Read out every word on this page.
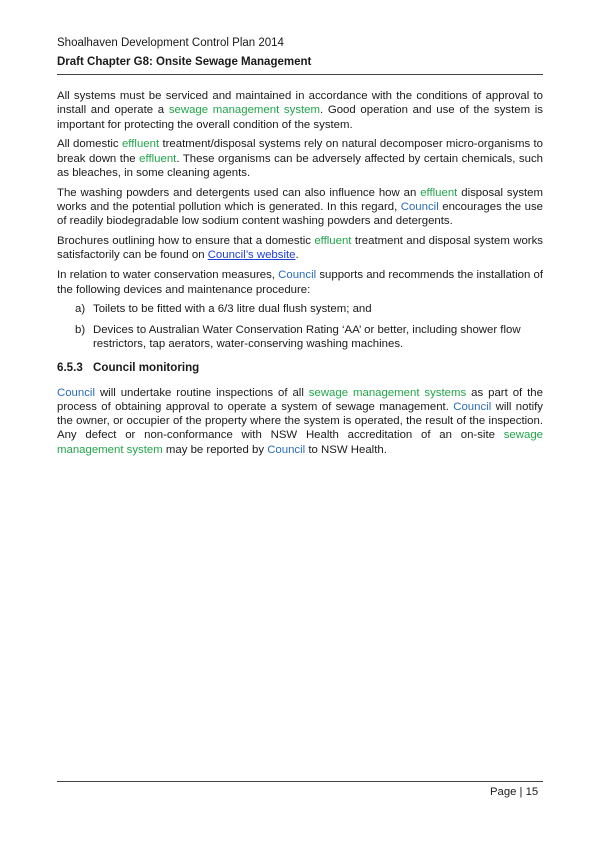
Shoalhaven Development Control Plan 2014
Draft Chapter G8: Onsite Sewage Management

All systems must be serviced and maintained in accordance with the conditions of approval to install and operate a sewage management system. Good operation and use of the system is important for protecting the overall condition of the system.

All domestic effluent treatment/disposal systems rely on natural decomposer micro-organisms to break down the effluent. These organisms can be adversely affected by certain chemicals, such as bleaches, in some cleaning agents.

The washing powders and detergents used can also influence how an effluent disposal system works and the potential pollution which is generated. In this regard, Council encourages the use of readily biodegradable low sodium content washing powders and detergents.

Brochures outlining how to ensure that a domestic effluent treatment and disposal system works satisfactorily can be found on Council’s website.

In relation to water conservation measures, Council supports and recommends the installation of the following devices and maintenance procedure:

a) Toilets to be fitted with a 6/3 litre dual flush system; and
b) Devices to Australian Water Conservation Rating ‘AA’ or better, including shower flow restrictors, tap aerators, water-conserving washing machines.
6.5.3 Council monitoring

Council will undertake routine inspections of all sewage management systems as part of the process of obtaining approval to operate a system of sewage management. Council will notify the owner, or occupier of the property where the system is operated, the result of the inspection. Any defect or non-conformance with NSW Health accreditation of an on-site sewage management system may be reported by Council to NSW Health.

Page | 15
